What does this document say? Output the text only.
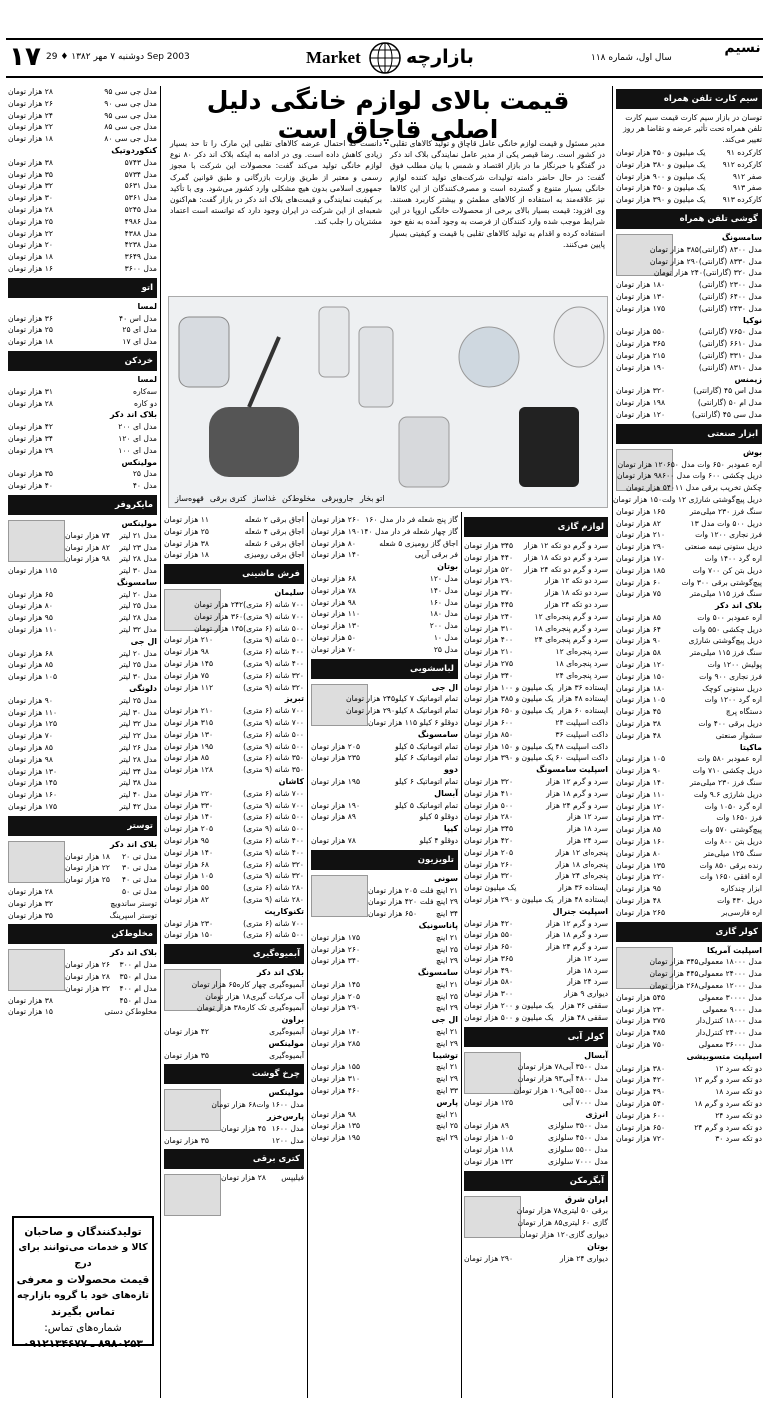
۱۷ دوشنبه ۷ مهر ۱۳۸۲ ♦ 29 Sep 2003	Market بازارچه	سال اول، شماره ۱۱۸
نسیم
قیمت بالای لوازم خانگی دلیل اصلی قاچاق است
مدیر مسئول و قیمت لوازم خانگی عامل قاچاق و تولید کالاهای تقلبی در کشور است. رضا قیصر یکی از مدیر عامل نمایندگی بلاک اند دکر در گفتگو با خبرنگار ما در بازار اقتصاد و شمس با بیان مطلب فوق گفت: در حال حاضر دامنه تولیدات شرکت‌های تولید کننده لوازم خانگی بسیار متنوع و گسترده است و مصرف‌کنندگان از این کالاها نیز علاقه‌مند به استفاده از کالاهای مطمئن و بیشتر کاربرد هستند. وی افزود: قیمت بسیار بالای برخی از محصولات خانگی اروپا در این شرایط موجب شده وارد کنندگان از فرصت به وجود آمده به نفع خود استفاده کرده و اقدام به تولید کالاهای تقلبی با قیمت و کیفیتی بسیار پایین می‌کنند.
دانست که احتمال عرضه کالاهای تقلبی این مارک را تا حد بسیار زیادی کاهش داده است. وی در ادامه به اینکه بلاک اند دکر ۸۰ نوع لوازم خانگی تولید می‌کند گفت: محصولات این شرکت با مجوز رسمی و معتبر از طریق وزارت بازرگانی و طبق قوانین گمرک جمهوری اسلامی بدون هیچ مشکلی وارد کشور می‌شود. وی با تأکید بر کیفیت نمایندگی و قیمت‌های بلاک اند دکر در بازار گفت: هم‌اکنون شعبه‌ای از این شرکت در ایران وجود دارد که توانسته است اعتماد مشتریان را جلب کند.
اتو بخار
جاروبرقی
مخلوط‌کن
غذاساز
کتری برقی
قهوه‌ساز
سیم کارت تلفن همراه
توسان در بازار سیم کارت قیمت سیم کارت تلفن همراه تحت تأثیر عرضه و تقاضا هر روز تغییر می‌کند.
کارکرده ۹۱
یک میلیون و ۴۵۰ هزار تومان
کارکرده ۹۱۲
یک میلیون و ۳۸۰ هزار تومان
صفر ۹۱۲
یک میلیون و ۹۰۰ هزار تومان
صفر ۹۱۳
یک میلیون و ۴۵۰ هزار تومان
کارکرده ۹۱۳
یک میلیون و ۳۹۰ هزار تومان
گوشی تلفن همراه
سامسونگ
مدل ۸۳۰۰ (گارانتی)
۳۸۵ هزار تومان
مدل ۸۳۳۰ (گارانتی)
۲۹۰ هزار تومان
مدل ۳۲۰ (گارانتی)
۲۴۰ هزار تومان
مدل ۲۳۰۰ (گارانتی)
۱۸۰ هزار تومان
مدل ۶۴۰۰ (گارانتی)
۱۳۰ هزار تومان
مدل ۲۴۳۰ (گارانتی)
۱۷۵ هزار تومان
نوکیا
مدل ۷۶۵۰ (گارانتی)
۵۵۰ هزار تومان
مدل ۶۶۱۰ (گارانتی)
۳۶۵ هزار تومان
مدل ۳۳۱۰ (گارانتی)
۲۱۵ هزار تومان
مدل ۸۳۱۰ (گارانتی)
۱۹۰ هزار تومان
زیمنس
مدل اس ۴۵ (گارانتی)
۳۲۰ هزار تومان
مدل ام ۵۰ (گارانتی)
۱۹۸ هزار تومان
مدل سی ۴۵ (گارانتی)
۱۲۰ هزار تومان
ابزار صنعتی
بوش
اره عمودبر ۶۵۰ وات مدل ۶۵۰
۱۲۰ هزار تومان
دریل چکشی ۶۰۰ وات مدل ۶۰۰
۹۸ هزار تومان
چکش تخریب برقی مدل ۱۱
۵۴۰ هزار تومان
دریل پیچ‌گوشتی شارژی ۱۲ ولت
۱۵۰ هزار تومان
سنگ فرز ۲۳۰ میلی‌متر
۱۶۵ هزار تومان
دریل ۵۰۰ وات مدل ۱۳
۸۲ هزار تومان
فرز نجاری ۱۲۰۰ وات
۲۱۰ هزار تومان
دریل ستونی نیمه صنعتی
۲۹۰ هزار تومان
اره گرد ۱۴۰۰ وات
۱۷۰ هزار تومان
دریل بتن کن ۷۰۰ وات
۱۸۵ هزار تومان
پیچ‌گوشتی برقی ۳۰۰ وات
۶۰ هزار تومان
سنگ فرز ۱۱۵ میلی‌متر
۷۵ هزار تومان
بلاک اند دکر
اره عمودبر ۵۰۰ وات
۸۵ هزار تومان
دریل چکشی ۵۵۰ وات
۶۴ هزار تومان
دریل پیچ‌گوشتی شارژی
۹۰ هزار تومان
سنگ فرز ۱۱۵ میلی‌متر
۵۸ هزار تومان
پولیش ۱۲۰۰ وات
۱۲۰ هزار تومان
فرز نجاری ۹۰۰ وات
۱۵۰ هزار تومان
دریل ستونی کوچک
۱۸۰ هزار تومان
اره گرد ۱۲۰۰ وات
۱۰۵ هزار تومان
دستگاه پرچ
۴۵ هزار تومان
دریل برقی ۴۰۰ وات
۳۸ هزار تومان
سشوار صنعتی
۴۸ هزار تومان
ماکیتا
اره عمودبر ۵۸۰ وات
۱۰۵ هزار تومان
دریل چکشی ۷۱۰ وات
۹۰ هزار تومان
سنگ فرز ۲۳۰ میلی‌متر
۱۴۰ هزار تومان
دریل شارژی ۹.۶ ولت
۱۱۰ هزار تومان
اره گرد ۱۰۵۰ وات
۱۲۰ هزار تومان
فرز ۱۶۵۰ وات
۲۳۰ هزار تومان
پیچ‌گوشتی ۵۷۰ وات
۸۵ هزار تومان
دریل بتن ۸۰۰ وات
۱۶۰ هزار تومان
سنگ ۱۲۵ میلی‌متر
۸۰ هزار تومان
رنده برقی ۸۵۰ وات
۱۳۵ هزار تومان
اره افقی ۱۶۵۰ وات
۲۲۰ هزار تومان
ابزار چندکاره
۹۵ هزار تومان
دریل ۴۳۰ وات
۴۸ هزار تومان
اره فارسی‌بر
۲۶۵ هزار تومان
کولر گازی
اسپلیت آمریکا
مدل ۱۸۰۰۰ معمولی
۳۴۵ هزار تومان
مدل ۲۴۰۰۰ معمولی
۴۴۵ هزار تومان
مدل ۱۲۰۰۰ معمولی
۲۶۸ هزار تومان
مدل ۳۰۰۰۰ معمولی
۵۴۵ هزار تومان
مدل ۹۰۰۰ معمولی
۲۳۰ هزار تومان
مدل ۱۸۰۰۰ کنترل‌دار
۳۷۵ هزار تومان
مدل ۲۴۰۰۰ کنترل‌دار
۴۸۵ هزار تومان
مدل ۳۶۰۰۰ معمولی
۷۵۰ هزار تومان
اسپلیت متسوبیشی
دو تکه سرد ۱۲
۳۸۰ هزار تومان
دو تکه سرد و گرم ۱۲
۴۲۰ هزار تومان
دو تکه سرد ۱۸
۴۹۰ هزار تومان
دو تکه سرد و گرم ۱۸
۵۴۰ هزار تومان
دو تکه سرد ۲۴
۶۰۰ هزار تومان
دو تکه سرد و گرم ۲۴
۶۵۰ هزار تومان
دو تکه سرد ۳۰
۷۲۰ هزار تومان
لوازم گازی
سرد و گرم دو تکه ۱۲ هزار
۳۴۵ هزار تومان
سرد و گرم دو تکه ۱۸ هزار
۴۴۰ هزار تومان
سرد و گرم دو تکه ۲۴ هزار
۵۲۰ هزار تومان
سرد دو تکه ۱۲ هزار
۲۹۰ هزار تومان
سرد دو تکه ۱۸ هزار
۳۷۰ هزار تومان
سرد دو تکه ۲۴ هزار
۴۴۵ هزار تومان
سرد و گرم پنجره‌ای ۱۲
۲۴۰ هزار تومان
سرد و گرم پنجره‌ای ۱۸
۳۱۰ هزار تومان
سرد و گرم پنجره‌ای ۲۴
۴۰۰ هزار تومان
سرد پنجره‌ای ۱۲
۲۱۰ هزار تومان
سرد پنجره‌ای ۱۸
۲۷۵ هزار تومان
سرد پنجره‌ای ۲۴
۳۴۰ هزار تومان
ایستاده ۳۶ هزار
یک میلیون و ۱۰۰ هزار تومان
ایستاده ۴۸ هزار
یک میلیون و ۳۸۵ هزار تومان
ایستاده ۶۰ هزار
یک میلیون و ۶۵۰ هزار تومان
داکت اسپلیت ۲۴
۶۰۰ هزار تومان
داکت اسپلیت ۳۶
۸۵۰ هزار تومان
داکت اسپلیت ۴۸
یک میلیون و ۱۵۰ هزار تومان
داکت اسپلیت ۶۰
یک میلیون و ۳۹۰ هزار تومان
اسپلیت سامسونگ
سرد و گرم ۱۲ هزار
۳۲۰ هزار تومان
سرد و گرم ۱۸ هزار
۴۱۰ هزار تومان
سرد و گرم ۲۴ هزار
۵۰۰ هزار تومان
سرد ۱۲ هزار
۲۸۰ هزار تومان
سرد ۱۸ هزار
۳۴۵ هزار تومان
سرد ۲۴ هزار
۴۲۰ هزار تومان
پنجره‌ای ۱۲ هزار
۲۰۵ هزار تومان
پنجره‌ای ۱۸ هزار
۲۶۰ هزار تومان
پنجره‌ای ۲۴ هزار
۳۲۰ هزار تومان
ایستاده ۳۶ هزار
یک میلیون تومان
ایستاده ۴۸ هزار
یک میلیون و ۲۹۰ هزار تومان
اسپلیت جنرال
سرد و گرم ۱۲ هزار
۴۲۰ هزار تومان
سرد و گرم ۱۸ هزار
۵۵۰ هزار تومان
سرد و گرم ۲۴ هزار
۶۵۰ هزار تومان
سرد ۱۲ هزار
۳۶۵ هزار تومان
سرد ۱۸ هزار
۴۹۰ هزار تومان
سرد ۲۴ هزار
۵۸۰ هزار تومان
دیواری ۹ هزار
۳۰۰ هزار تومان
سقفی ۳۶ هزار
یک میلیون و ۲۰۰ هزار تومان
سقفی ۴۸ هزار
یک میلیون و ۵۰۰ هزار تومان
کولر آبی
آبسال
مدل ۳۵۰۰ آبی
۷۸ هزار تومان
مدل ۴۸۰۰ آبی
۹۳ هزار تومان
مدل ۵۵۰۰ آبی
۱۰۹ هزار تومان
مدل ۷۰۰۰ آبی
۱۲۵ هزار تومان
انرژی
مدل ۳۵۰۰ سلولزی
۸۹ هزار تومان
مدل ۴۵۰۰ سلولزی
۱۰۵ هزار تومان
مدل ۵۵۰۰ سلولزی
۱۱۸ هزار تومان
مدل ۷۰۰۰ سلولزی
۱۳۲ هزار تومان
آبگرمکن
ایران شرق
برقی ۵۰ لیتری
۷۸ هزار تومان
گازی ۶۰ لیتری
۸۵ هزار تومان
دیواری گازی
۱۲۰ هزار تومان
بوتان
دیواری ۲۴ هزار
۲۹۰ هزار تومان
گاز پنج شعله فر دار مدل ۱۶۰
۲۶۰ هزار تومان
گاز چهار شعله فر دار مدل ۱۴۰
۱۹۰ هزار تومان
اجاق گاز رومیزی ۵ شعله
۸۰ هزار تومان
فر برقی آرپی
۱۴۰ هزار تومان
بوتان
مدل ۱۲۰
۶۸ هزار تومان
مدل ۱۴۰
۷۸ هزار تومان
مدل ۱۶۰
۹۸ هزار تومان
مدل ۱۸۰
۱۱۰ هزار تومان
مدل ۲۰۰
۱۳۰ هزار تومان
مدل ۱۰
۵۰ هزار تومان
مدل ۲۵
۷۰ هزار تومان
لباسشویی
ال جی
تمام اتوماتیک ۷ کیلو
۲۴۵ هزار تومان
تمام اتوماتیک ۸ کیلو
۲۹۰ هزار تومان
دوقلو ۶ کیلو
۱۱۵ هزار تومان
سامسونگ
تمام اتوماتیک ۵ کیلو
۲۰۵ هزار تومان
تمام اتوماتیک ۶ کیلو
۲۳۵ هزار تومان
دوو
تمام اتوماتیک ۶ کیلو
۱۹۵ هزار تومان
آبسال
تمام اتوماتیک ۵ کیلو
۱۹۰ هزار تومان
دوقلو ۵ کیلو
۸۹ هزار تومان
کیپا
دوقلو ۴ کیلو
۷۸ هزار تومان
تلویزیون
سونی
۲۱ اینچ فلت
۲۰۵ هزار تومان
۲۹ اینچ فلت
۴۲۰ هزار تومان
۳۴ اینچ
۶۵۰ هزار تومان
پاناسونیک
۲۱ اینچ
۱۷۵ هزار تومان
۲۵ اینچ
۲۶۰ هزار تومان
۲۹ اینچ
۳۴۰ هزار تومان
سامسونگ
۲۱ اینچ
۱۴۵ هزار تومان
۲۵ اینچ
۲۰۵ هزار تومان
۲۹ اینچ
۲۹۰ هزار تومان
ال جی
۲۱ اینچ
۱۴۰ هزار تومان
۲۹ اینچ
۲۸۵ هزار تومان
توشیبا
۲۱ اینچ
۱۵۵ هزار تومان
۲۹ اینچ
۳۱۰ هزار تومان
۳۳ اینچ
۴۶۰ هزار تومان
پارس
۲۱ اینچ
۹۸ هزار تومان
۲۵ اینچ
۱۳۵ هزار تومان
۲۹ اینچ
۱۹۵ هزار تومان
اجاق برقی ۲ شعله
۱۱ هزار تومان
اجاق برقی ۴ شعله
۲۵ هزار تومان
اجاق برقی ۶ شعله
۳۸ هزار تومان
اجاق برقی رومیزی
۱۸ هزار تومان
فرش ماشینی
سلیمان
۷۰۰ شانه (۶ متری)
۲۴۲ هزار تومان
۷۰۰ شانه (۹ متری)
۳۶۰ هزار تومان
۵۰۰ شانه (۶ متری)
۱۴۵ هزار تومان
۵۰۰ شانه (۹ متری)
۲۱۰ هزار تومان
۴۰۰ شانه (۶ متری)
۹۸ هزار تومان
۴۰۰ شانه (۹ متری)
۱۴۵ هزار تومان
۳۲۰ شانه (۶ متری)
۷۵ هزار تومان
۳۲۰ شانه (۹ متری)
۱۱۲ هزار تومان
تبریز
۷۰۰ شانه (۶ متری)
۲۱۰ هزار تومان
۷۰۰ شانه (۹ متری)
۳۱۵ هزار تومان
۵۰۰ شانه (۶ متری)
۱۳۰ هزار تومان
۵۰۰ شانه (۹ متری)
۱۹۵ هزار تومان
۳۵۰ شانه (۶ متری)
۸۵ هزار تومان
۳۵۰ شانه (۹ متری)
۱۲۸ هزار تومان
کاشان
۷۰۰ شانه (۶ متری)
۲۲۰ هزار تومان
۷۰۰ شانه (۹ متری)
۳۳۰ هزار تومان
۵۰۰ شانه (۶ متری)
۱۴۰ هزار تومان
۵۰۰ شانه (۹ متری)
۲۰۵ هزار تومان
۴۰۰ شانه (۶ متری)
۹۵ هزار تومان
۴۰۰ شانه (۹ متری)
۱۴۰ هزار تومان
۳۲۰ شانه (۶ متری)
۶۸ هزار تومان
۳۲۰ شانه (۹ متری)
۱۰۵ هزار تومان
۲۸۰ شانه (۶ متری)
۵۵ هزار تومان
۲۸۰ شانه (۹ متری)
۸۲ هزار تومان
تکنوکارپت
۷۰۰ شانه (۶ متری)
۲۳۰ هزار تومان
۵۰۰ شانه (۶ متری)
۱۵۰ هزار تومان
آبمیوه‌گیری
بلاک اند دکر
آبمیوه‌گیری چهار کاره
۶۵ هزار تومان
آب مرکبات گیری
۱۸ هزار تومان
آبمیوه‌گیری تک کاره
۳۸ هزار تومان
براون
آبمیوه‌گیری
۴۲ هزار تومان
مولینکس
آبمیوه‌گیری
۳۵ هزار تومان
چرخ گوشت
مولینکس
مدل ۱۶۰۰ وات
۶۸ هزار تومان
پارس‌خزر
مدل ۱۶۰۰
۴۵ هزار تومان
مدل ۱۲۰۰
۳۵ هزار تومان
کتری برقی
فیلیپس
۲۸ هزار تومان
مدل جی سی ۹۵
۲۸ هزار تومان
مدل جی سی ۹۰
۲۶ هزار تومان
مدل جی سی ۹۵
۲۴ هزار تومان
مدل جی سی ۸۵
۲۲ هزار تومان
مدل جی سی ۸۰
۱۸ هزار تومان
کنکوردوتیک
مدل ۵۷۴۳
۳۸ هزار تومان
مدل ۵۷۳۴
۳۵ هزار تومان
مدل ۵۶۳۱
۳۲ هزار تومان
مدل ۵۳۶۱
۳۰ هزار تومان
مدل ۵۲۴۵
۲۸ هزار تومان
مدل ۴۹۸۶
۲۵ هزار تومان
مدل ۴۳۸۸
۲۲ هزار تومان
مدل ۴۲۳۸
۲۰ هزار تومان
مدل ۳۶۴۹
۱۸ هزار تومان
مدل ۳۶۰۰
۱۶ هزار تومان
اتو
لمسا
مدل اس ۴۰
۳۶ هزار تومان
مدل ای ۲۵
۲۵ هزار تومان
مدل ای ۱۷
۱۸ هزار تومان
خردکن
لمسا
سه‌کاره
۳۱ هزار تومان
دو کاره
۲۸ هزار تومان
بلاک اند دکر
مدل ای ۲۰۰
۴۲ هزار تومان
مدل ای ۱۲۰
۳۴ هزار تومان
مدل ای ۱۰۰
۲۹ هزار تومان
مولینکس
مدل ۲۵
۳۵ هزار تومان
مدل ۴۰
۴۰ هزار تومان
مایکروفر
مولینکس
مدل ۲۱ لیتر
۷۴ هزار تومان
مدل ۲۳ لیتر
۸۲ هزار تومان
مدل ۲۸ لیتر
۹۸ هزار تومان
مدل ۳۰ لیتر
۱۱۵ هزار تومان
سامسونگ
مدل ۲۰ لیتر
۶۵ هزار تومان
مدل ۲۵ لیتر
۸۰ هزار تومان
مدل ۲۸ لیتر
۹۵ هزار تومان
مدل ۳۲ لیتر
۱۱۰ هزار تومان
ال جی
مدل ۲۰ لیتر
۶۸ هزار تومان
مدل ۲۵ لیتر
۸۵ هزار تومان
مدل ۳۰ لیتر
۱۰۵ هزار تومان
دلونگی
مدل ۲۵ لیتر
۹۰ هزار تومان
مدل ۳۰ لیتر
۱۱۰ هزار تومان
مدل ۳۲ لیتر
۱۲۵ هزار تومان
مدل ۲۲ لیتر
۷۰ هزار تومان
مدل ۲۶ لیتر
۸۵ هزار تومان
مدل ۲۸ لیتر
۹۸ هزار تومان
مدل ۳۴ لیتر
۱۳۰ هزار تومان
مدل ۳۸ لیتر
۱۴۵ هزار تومان
مدل ۴۰ لیتر
۱۶۰ هزار تومان
مدل ۴۲ لیتر
۱۷۵ هزار تومان
توستر
بلاک اند دکر
مدل تی ۲۰
۱۸ هزار تومان
مدل تی ۳۰
۲۲ هزار تومان
مدل تی ۴۰
۲۵ هزار تومان
مدل تی ۵۰
۲۸ هزار تومان
توستر ساندویچ
۳۲ هزار تومان
توستر اسپرینگ
۳۵ هزار تومان
مخلوط‌کن
بلاک اند دکر
مدل ام ۳۰۰
۲۶ هزار تومان
مدل ام ۳۵۰
۲۸ هزار تومان
مدل ام ۴۰۰
۳۲ هزار تومان
مدل ام ۴۵۰
۳۸ هزار تومان
مخلوط‌کن دستی
۱۵ هزار تومان
تولیدکنندگان و صاحبان
کالا و خدمات می‌توانند برای درج
قیمت محصولات و معرفی
تازه‌های خود با گروه بازارچه
تماس بگیرند
شماره‌های تماس:
۸۹۸۰۲۵۳ ـ ۰۹۱۲۱۳۴۶۷۷
